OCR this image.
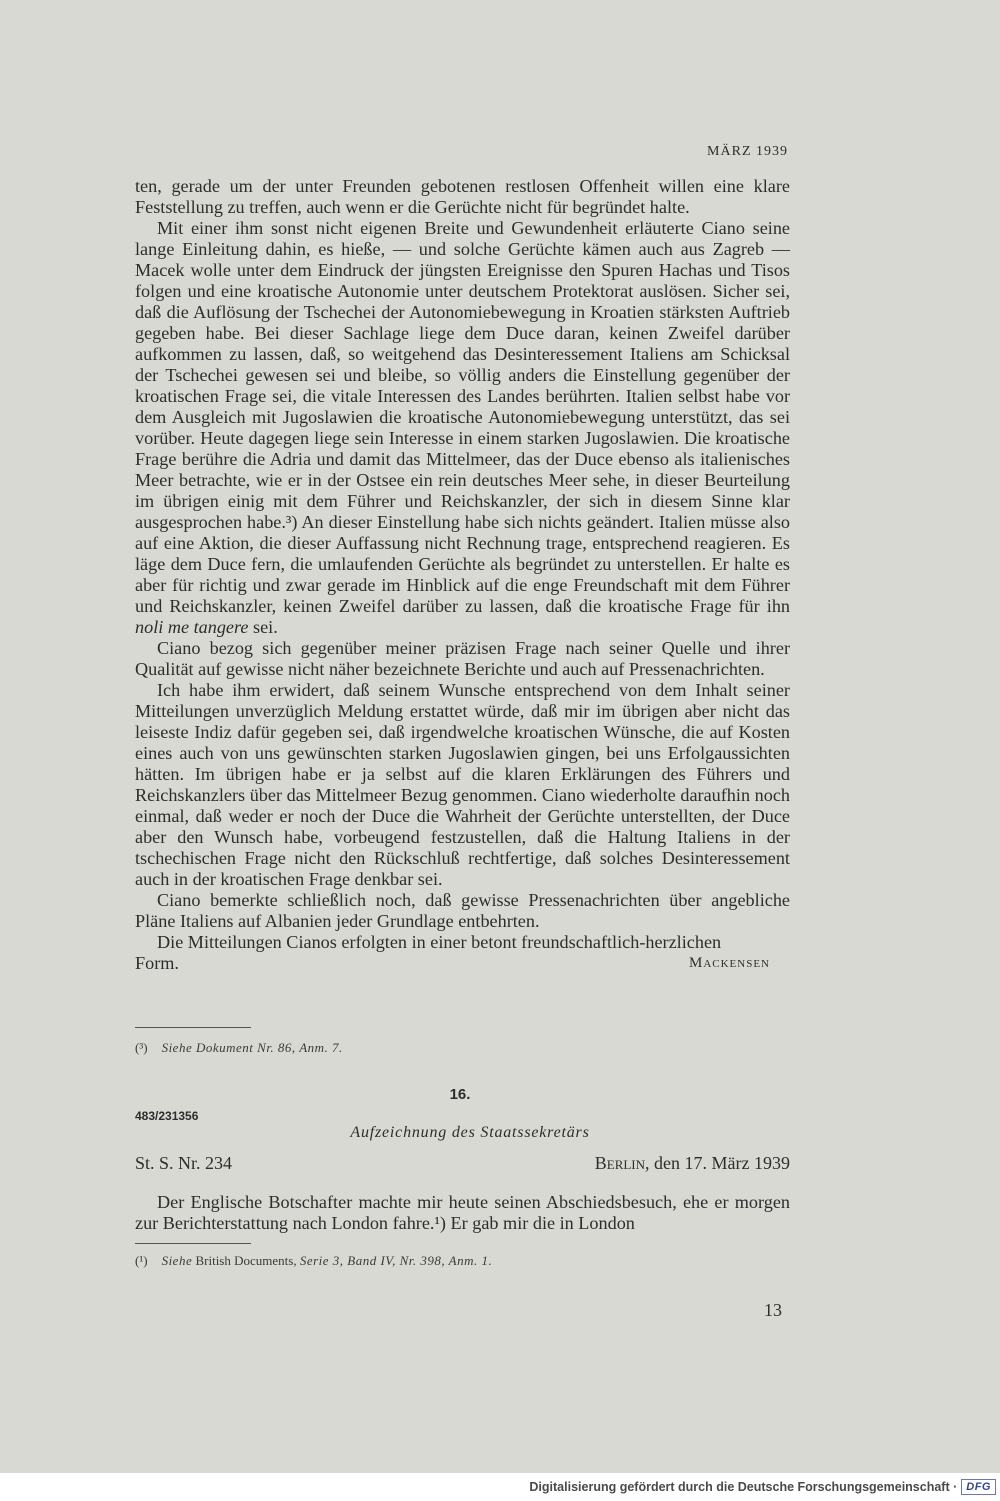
MÄRZ 1939

ten, gerade um der unter Freunden gebotenen restlosen Offenheit willen eine klare Feststellung zu treffen, auch wenn er die Gerüchte nicht für begründet halte.

Mit einer ihm sonst nicht eigenen Breite und Gewundenheit erläuterte Ciano seine lange Einleitung dahin, es hieße, — und solche Gerüchte kämen auch aus Zagreb — Macek wolle unter dem Eindruck der jüngsten Ereignisse den Spuren Hachas und Tisos folgen und eine kroatische Autonomie unter deutschem Protektorat auslösen. Sicher sei, daß die Auflösung der Tschechei der Autonomiebewegung in Kroatien stärksten Auftrieb gegeben habe. Bei dieser Sachlage liege dem Duce daran, keinen Zweifel darüber aufkommen zu lassen, daß, so weitgehend das Desinteressement Italiens am Schicksal der Tschechei gewesen sei und bleibe, so völlig anders die Einstellung gegenüber der kroatischen Frage sei, die vitale Interessen des Landes berührten. Italien selbst habe vor dem Ausgleich mit Jugoslawien die kroatische Autonomiebewegung unterstützt, das sei vorüber. Heute dagegen liege sein Interesse in einem starken Jugoslawien. Die kroatische Frage berühre die Adria und damit das Mittelmeer, das der Duce ebenso als italienisches Meer betrachte, wie er in der Ostsee ein rein deutsches Meer sehe, in dieser Beurteilung im übrigen einig mit dem Führer und Reichskanzler, der sich in diesem Sinne klar ausgesprochen habe.³) An dieser Einstellung habe sich nichts geändert. Italien müsse also auf eine Aktion, die dieser Auffassung nicht Rechnung trage, entsprechend reagieren. Es läge dem Duce fern, die umlaufenden Gerüchte als begründet zu unterstellen. Er halte es aber für richtig und zwar gerade im Hinblick auf die enge Freundschaft mit dem Führer und Reichskanzler, keinen Zweifel darüber zu lassen, daß die kroatische Frage für ihn noli me tangere sei.

Ciano bezog sich gegenüber meiner präzisen Frage nach seiner Quelle und ihrer Qualität auf gewisse nicht näher bezeichnete Berichte und auch auf Pressenachrichten.

Ich habe ihm erwidert, daß seinem Wunsche entsprechend von dem Inhalt seiner Mitteilungen unverzüglich Meldung erstattet würde, daß mir im übrigen aber nicht das leiseste Indiz dafür gegeben sei, daß irgendwelche kroatischen Wünsche, die auf Kosten eines auch von uns gewünschten starken Jugoslawien gingen, bei uns Erfolgaussichten hätten. Im übrigen habe er ja selbst auf die klaren Erklärungen des Führers und Reichskanzlers über das Mittelmeer Bezug genommen. Ciano wiederholte daraufhin noch einmal, daß weder er noch der Duce die Wahrheit der Gerüchte unterstellten, der Duce aber den Wunsch habe, vorbeugend festzustellen, daß die Haltung Italiens in der tschechischen Frage nicht den Rückschluß rechtfertige, daß solches Desinteressement auch in der kroatischen Frage denkbar sei.

Ciano bemerkte schließlich noch, daß gewisse Pressenachrichten über angebliche Pläne Italiens auf Albanien jeder Grundlage entbehrten.

Die Mitteilungen Cianos erfolgten in einer betont freundschaftlich-herzlichen

Form.	Mackensen
(³) Siehe Dokument Nr. 86, Anm. 7.
16.
483/231356
Aufzeichnung des Staatssekretärs
St. S. Nr. 234	Berlin, den 17. März 1939

Der Englische Botschafter machte mir heute seinen Abschiedsbesuch, ehe er morgen zur Berichterstattung nach London fahre.¹) Er gab mir die in London

(¹) Siehe British Documents, Serie 3, Band IV, Nr. 398, Anm. 1.
13
Digitalisierung gefördert durch die Deutsche Forschungsgemeinschaft · DFG
